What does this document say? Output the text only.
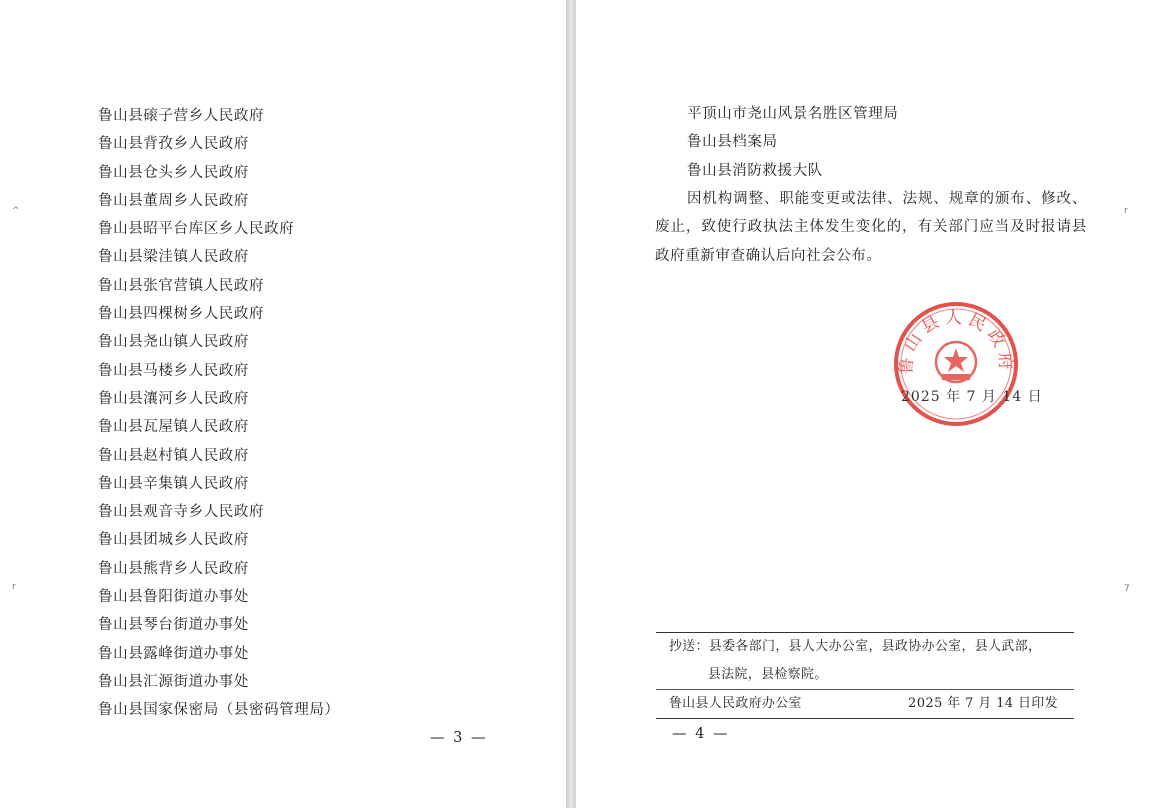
鲁山县磙子营乡人民政府
鲁山县背孜乡人民政府
鲁山县仓头乡人民政府
鲁山县董周乡人民政府
鲁山县昭平台库区乡人民政府
鲁山县梁洼镇人民政府
鲁山县张官营镇人民政府
鲁山县四棵树乡人民政府
鲁山县尧山镇人民政府
鲁山县马楼乡人民政府
鲁山县瀼河乡人民政府
鲁山县瓦屋镇人民政府
鲁山县赵村镇人民政府
鲁山县辛集镇人民政府
鲁山县观音寺乡人民政府
鲁山县团城乡人民政府
鲁山县熊背乡人民政府
鲁山县鲁阳街道办事处
鲁山县琴台街道办事处
鲁山县露峰街道办事处
鲁山县汇源街道办事处
鲁山县国家保密局（县密码管理局）
— 3 —
^
r
平顶山市尧山风景名胜区管理局
鲁山县档案局
鲁山县消防救援大队

因机构调整、职能变更或法律、法规、规章的颁布、修改、废止，致使行政执法主体发生变化的，有关部门应当及时报请县政府重新审查确认后向社会公布。

鲁山县人民政府
2025 年 7 月 14 日
抄送：县委各部门，县人大办公室，县政协办公室，县人武部，
县法院，县检察院。
鲁山县人民政府办公室	2025 年 7 月 14 日印发
— 4 —
r
7
